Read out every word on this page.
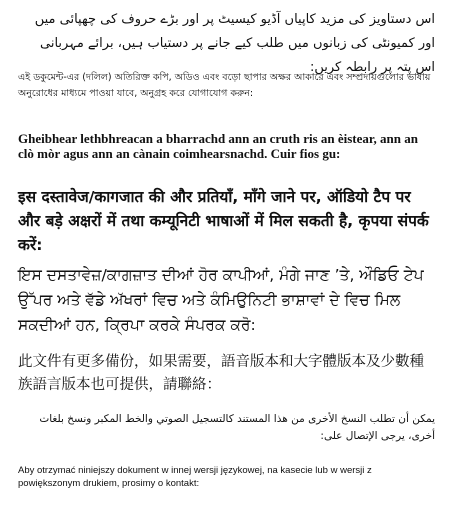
اس دستاویز کی مزید کاپیاں آڈیو کیسیٹ پر اور بڑے حروف کی چھپائی میں اور کمیونٹی کی زبانوں میں طلب کیے جانے پر دستیاب ہیں، برائے مہربانی اس پتہ پر رابطہ کریں:

এই ডকুমেন্ট-এর (দলিল) অতিরিক্ত কপি, অডিও এবং বড়ো ছাপার অক্ষর আকারে এবং সম্প্রদায়গুলোর ভাষায় অনুরোধের মাধ্যমে পাওয়া যাবে, অনুগ্রহ করে যোগাযোগ করুন:

Gheibhear lethbhreacan a bharrachd ann an cruth ris an èistear, ann an clò mòr agus ann an cànain coimhearsnachd. Cuir fios gu:

इस दस्तावेज/कागजात की और प्रतियाँ, माँगे जाने पर, ऑडियो टैप पर और बड़े अक्षरों में तथा कम्यूनिटी भाषाओं में मिल सकती है, कृपया संपर्क करें:

ਇਸ ਦਸਤਾਵੇਜ਼/ਕਾਗਜ਼ਾਤ ਦੀਆਂ ਹੋਰ ਕਾਪੀਆਂ, ਮੰਗੇ ਜਾਣ ’ਤੇ, ਔਡਿਓ ਟੇਪ ਉੱਪਰ ਅਤੇ ਵੱਡੇ ਅੱਖਰਾਂ ਵਿਚ ਅਤੇ ਕੰਮਿਉਨਿਟੀ ਭਾਸ਼ਾਵਾਂ ਦੇ ਵਿਚ ਮਿਲ ਸਕਦੀਆਂ ਹਨ, ਕ੍ਰਿਪਾ ਕਰਕੇ ਸੰਪਰਕ ਕਰੋ:

此文件有更多備份，如果需要，語音版本和大字體版本及少數種族語言版本也可提供，請聯絡：

يمكن أن تطلب النسخ الأخرى من هذا المستند كالتسجيل الصوتي والخط المكبر ونسخ بلغات أخرى، يرجى الإتصال على:

Aby otrzymać niniejszy dokument w innej wersji językowej, na kasecie lub w wersji z powiększonym drukiem, prosimy o kontakt:
